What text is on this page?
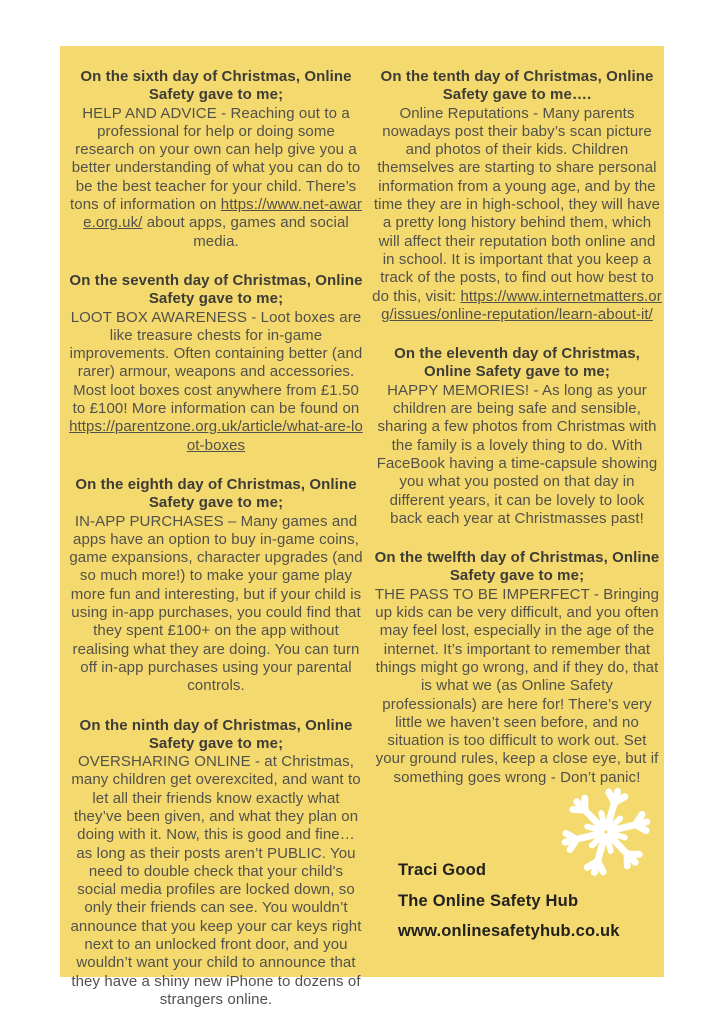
On the sixth day of Christmas, Online Safety gave to me;

HELP AND ADVICE - Reaching out to a professional for help or doing some research on your own can help give you a better understanding of what you can do to be the best teacher for your child. There’s tons of information on https://www.net-aware.org.uk/ about apps, games and social media.

On the seventh day of Christmas, Online Safety gave to me;

LOOT BOX AWARENESS - Loot boxes are like treasure chests for in-game improvements. Often containing better (and rarer) armour, weapons and accessories. Most loot boxes cost anywhere from £1.50 to £100! More information can be found on https://parentzone.org.uk/article/what-are-loot-boxes

On the eighth day of Christmas, Online Safety gave to me;

IN-APP PURCHASES – Many games and apps have an option to buy in-game coins, game expansions, character upgrades (and so much more!) to make your game play more fun and interesting, but if your child is using in-app purchases, you could find that they spent £100+ on the app without realising what they are doing. You can turn off in-app purchases using your parental controls.

On the ninth day of Christmas, Online Safety gave to me;

OVERSHARING ONLINE - at Christmas, many children get overexcited, and want to let all their friends know exactly what they’ve been given, and what they plan on doing with it. Now, this is good and fine… as long as their posts aren’t PUBLIC. You need to double check that your child's social media profiles are locked down, so only their friends can see. You wouldn’t announce that you keep your car keys right next to an unlocked front door, and you wouldn’t want your child to announce that they have a shiny new iPhone to dozens of strangers online.

On the tenth day of Christmas, Online Safety gave to me….

Online Reputations - Many parents nowadays post their baby’s scan picture and photos of their kids. Children themselves are starting to share personal information from a young age, and by the time they are in high-school, they will have a pretty long history behind them, which will affect their reputation both online and in school. It is important that you keep a track of the posts, to find out how best to do this, visit: https://www.internetmatters.org/issues/online-reputation/learn-about-it/

On the eleventh day of Christmas, Online Safety gave to me;

HAPPY MEMORIES! - As long as your children are being safe and sensible, sharing a few photos from Christmas with the family is a lovely thing to do. With FaceBook having a time-capsule showing you what you posted on that day in different years, it can be lovely to look back each year at Christmasses past!

On the twelfth day of Christmas, Online Safety gave to me;

THE PASS TO BE IMPERFECT - Bringing up kids can be very difficult, and you often may feel lost, especially in the age of the internet. It’s important to remember that things might go wrong, and if they do, that is what we (as Online Safety professionals) are here for! There’s very little we haven’t seen before, and no situation is too difficult to work out. Set your ground rules, keep a close eye, but if something goes wrong - Don’t panic!

Traci Good

The Online Safety Hub

www.onlinesafetyhub.co.uk
